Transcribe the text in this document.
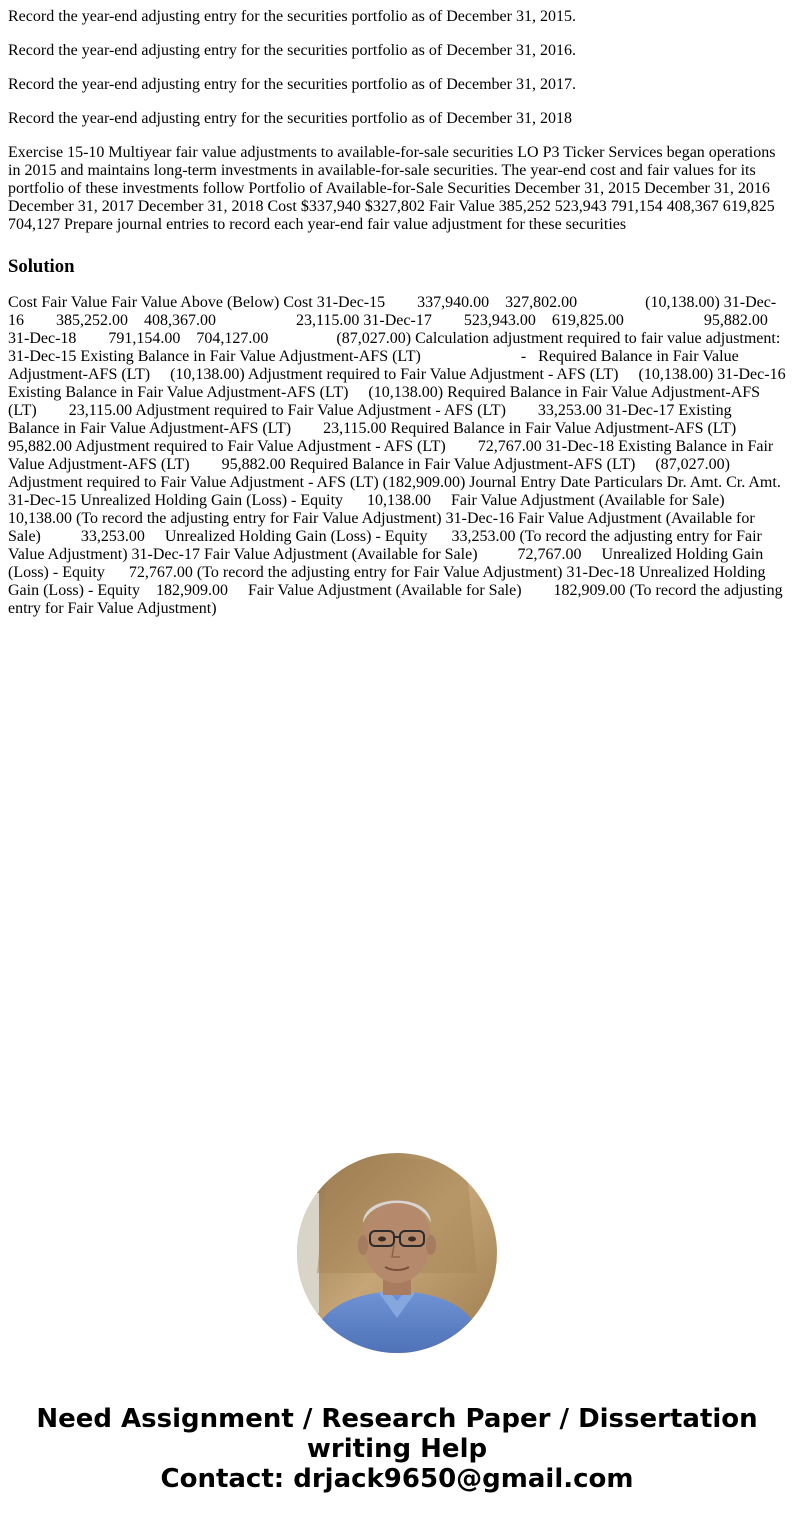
Record the year-end adjusting entry for the securities portfolio as of December 31, 2015.

Record the year-end adjusting entry for the securities portfolio as of December 31, 2016.

Record the year-end adjusting entry for the securities portfolio as of December 31, 2017.

Record the year-end adjusting entry for the securities portfolio as of December 31, 2018

Exercise 15-10 Multiyear fair value adjustments to available-for-sale securities LO P3 Ticker Services began operations in 2015 and maintains long-term investments in available-for-sale securities. The year-end cost and fair values for its portfolio of these investments follow Portfolio of Available-for-Sale Securities December 31, 2015 December 31, 2016 December 31, 2017 December 31, 2018 Cost $337,940 $327,802 Fair Value 385,252 523,943 791,154 408,367 619,825 704,127 Prepare journal entries to record each year-end fair value adjustment for these securities

Solution

Cost Fair Value Fair Value Above (Below) Cost 31-Dec-15        337,940.00    327,802.00                 (10,138.00) 31-Dec-16        385,252.00    408,367.00                    23,115.00 31-Dec-17        523,943.00    619,825.00                    95,882.00 31-Dec-18        791,154.00    704,127.00                 (87,027.00) Calculation adjustment required to fair value adjustment: 31-Dec-15 Existing Balance in Fair Value Adjustment-AFS (LT)                         -   Required Balance in Fair Value Adjustment-AFS (LT)     (10,138.00) Adjustment required to Fair Value Adjustment - AFS (LT)     (10,138.00) 31-Dec-16 Existing Balance in Fair Value Adjustment-AFS (LT)     (10,138.00) Required Balance in Fair Value Adjustment-AFS (LT)        23,115.00 Adjustment required to Fair Value Adjustment - AFS (LT)        33,253.00 31-Dec-17 Existing Balance in Fair Value Adjustment-AFS (LT)        23,115.00 Required Balance in Fair Value Adjustment-AFS (LT)        95,882.00 Adjustment required to Fair Value Adjustment - AFS (LT)        72,767.00 31-Dec-18 Existing Balance in Fair Value Adjustment-AFS (LT)        95,882.00 Required Balance in Fair Value Adjustment-AFS (LT)     (87,027.00) Adjustment required to Fair Value Adjustment - AFS (LT) (182,909.00) Journal Entry Date Particulars Dr. Amt. Cr. Amt. 31-Dec-15 Unrealized Holding Gain (Loss) - Equity      10,138.00     Fair Value Adjustment (Available for Sale)      10,138.00 (To record the adjusting entry for Fair Value Adjustment) 31-Dec-16 Fair Value Adjustment (Available for Sale)          33,253.00     Unrealized Holding Gain (Loss) - Equity      33,253.00 (To record the adjusting entry for Fair Value Adjustment) 31-Dec-17 Fair Value Adjustment (Available for Sale)          72,767.00     Unrealized Holding Gain (Loss) - Equity      72,767.00 (To record the adjusting entry for Fair Value Adjustment) 31-Dec-18 Unrealized Holding Gain (Loss) - Equity    182,909.00     Fair Value Adjustment (Available for Sale)        182,909.00 (To record the adjusting entry for Fair Value Adjustment)

Need Assignment / Research Paper / Dissertation
writing Help
Contact: drjack9650@gmail.com
